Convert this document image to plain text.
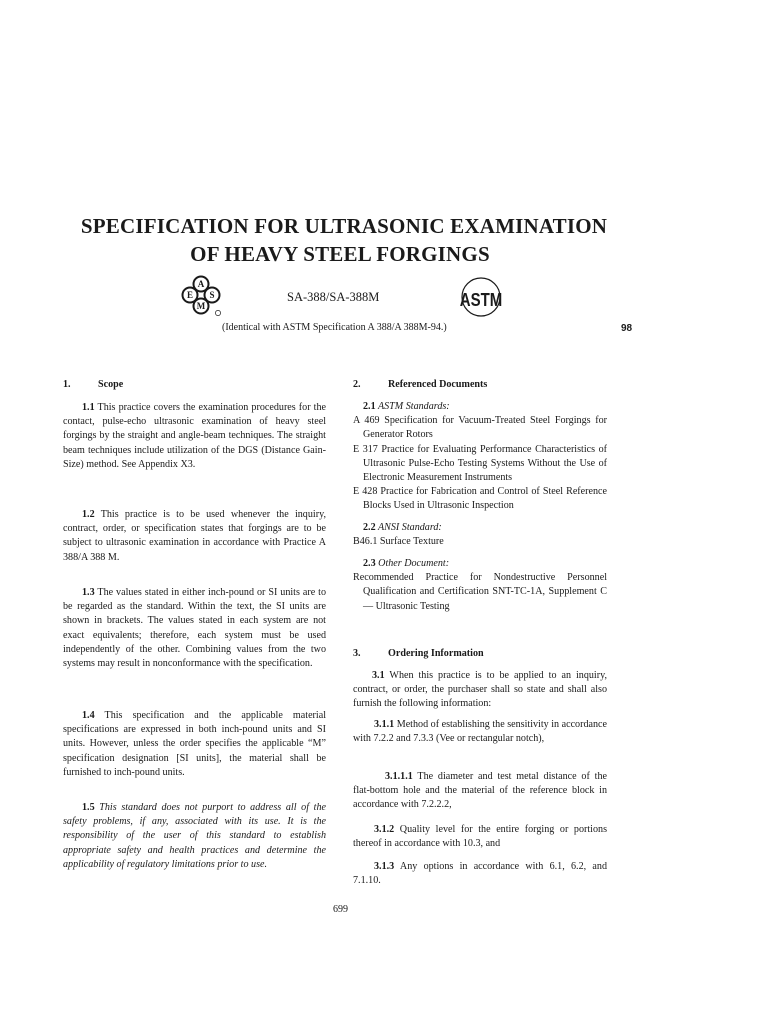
SPECIFICATION FOR ULTRASONIC EXAMINATION
OF HEAVY STEEL FORGINGS
A
E S
M
SA-388/SA-388M	ASTM
(Identical with ASTM Specification A 388/A 388M-94.)	98

1.	Scope

1.1 This practice covers the examination procedures for the contact, pulse-echo ultrasonic examination of heavy steel forgings by the straight and angle-beam techniques. The straight beam techniques include utilization of the DGS (Distance Gain-Size) method. See Appendix X3.

1.2 This practice is to be used whenever the inquiry, contract, order, or specification states that forgings are to be subject to ultrasonic examination in accordance with Practice A 388/A 388 M.

1.3 The values stated in either inch-pound or SI units are to be regarded as the standard. Within the text, the SI units are shown in brackets. The values stated in each system are not exact equivalents; therefore, each system must be used independently of the other. Combining values from the two systems may result in nonconformance with the specification.

1.4 This specification and the applicable material specifications are expressed in both inch-pound units and SI units. However, unless the order specifies the applicable “M” specification designation [SI units], the material shall be furnished to inch-pound units.

1.5 This standard does not purport to address all of the safety problems, if any, associated with its use. It is the responsibility of the user of this standard to establish appropriate safety and health practices and determine the applicability of regulatory limitations prior to use.

2.	Referenced Documents

2.1 ASTM Standards:

A 469 Specification for Vacuum-Treated Steel Forgings for Generator Rotors

E 317 Practice for Evaluating Performance Characteristics of Ultrasonic Pulse-Echo Testing Systems Without the Use of Electronic Measurement Instruments

E 428 Practice for Fabrication and Control of Steel Reference Blocks Used in Ultrasonic Inspection

2.2 ANSI Standard:

B46.1 Surface Texture

2.3 Other Document:

Recommended Practice for Nondestructive Personnel Qualification and Certification SNT-TC-1A, Supplement C — Ultrasonic Testing

3.	Ordering Information

3.1 When this practice is to be applied to an inquiry, contract, or order, the purchaser shall so state and shall also furnish the following information:

3.1.1 Method of establishing the sensitivity in accordance with 7.2.2 and 7.3.3 (Vee or rectangular notch),

3.1.1.1 The diameter and test metal distance of the flat-bottom hole and the material of the reference block in accordance with 7.2.2.2,

3.1.2 Quality level for the entire forging or portions thereof in accordance with 10.3, and

3.1.3 Any options in accordance with 6.1, 6.2, and 7.1.10.

699
